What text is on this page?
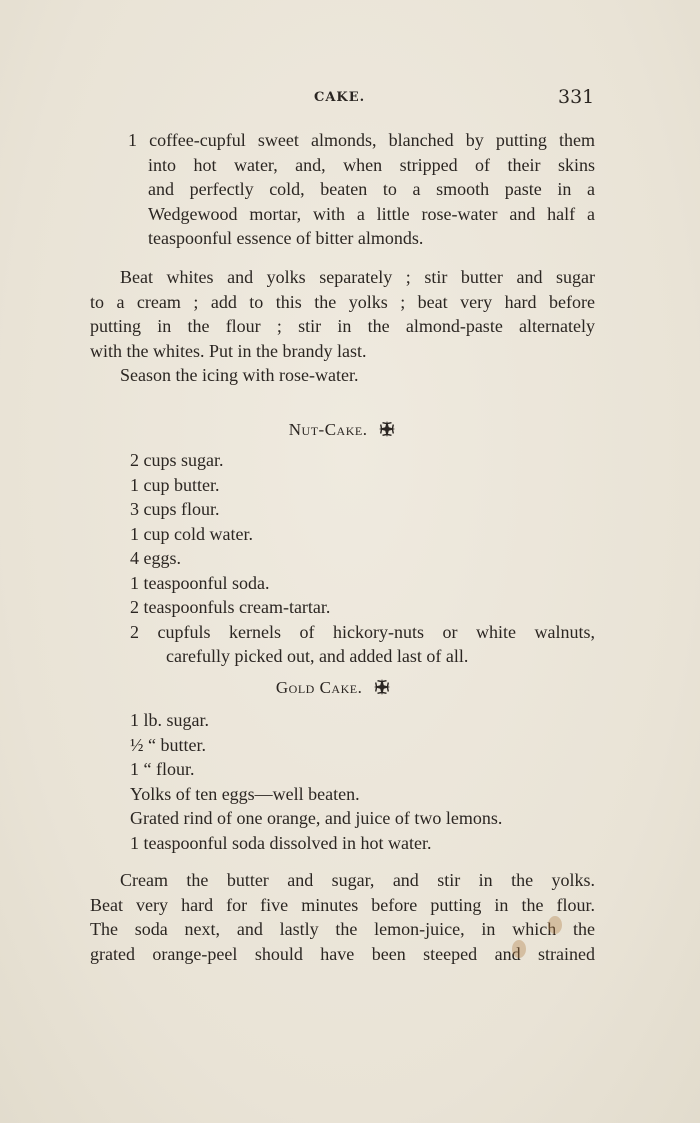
CAKE.	331
1 coffee-cupful sweet almonds, blanched by putting them
into hot water, and, when stripped of their skins
and perfectly cold, beaten to a smooth paste in a
Wedgewood mortar, with a little rose-water and half a
teaspoonful essence of bitter almonds.
Beat whites and yolks separately ; stir butter and sugar
to a cream ; add to this the yolks ; beat very hard before
putting in the flour ; stir in the almond-paste alternately
with the whites. Put in the brandy last.
Season the icing with rose-water.
Nut-Cake.
2 cups sugar.
1 cup butter.
3 cups flour.
1 cup cold water.
4 eggs.
1 teaspoonful soda.
2 teaspoonfuls cream-tartar.
2 cupfuls kernels of hickory-nuts or white walnuts,
carefully picked out, and added last of all.
Gold Cake.
1 lb. sugar.
½ “ butter.
1 “ flour.
Yolks of ten eggs—well beaten.
Grated rind of one orange, and juice of two lemons.
1 teaspoonful soda dissolved in hot water.
Cream the butter and sugar, and stir in the yolks.
Beat very hard for five minutes before putting in the flour.
The soda next, and lastly the lemon-juice, in which the
grated orange-peel should have been steeped and strained
